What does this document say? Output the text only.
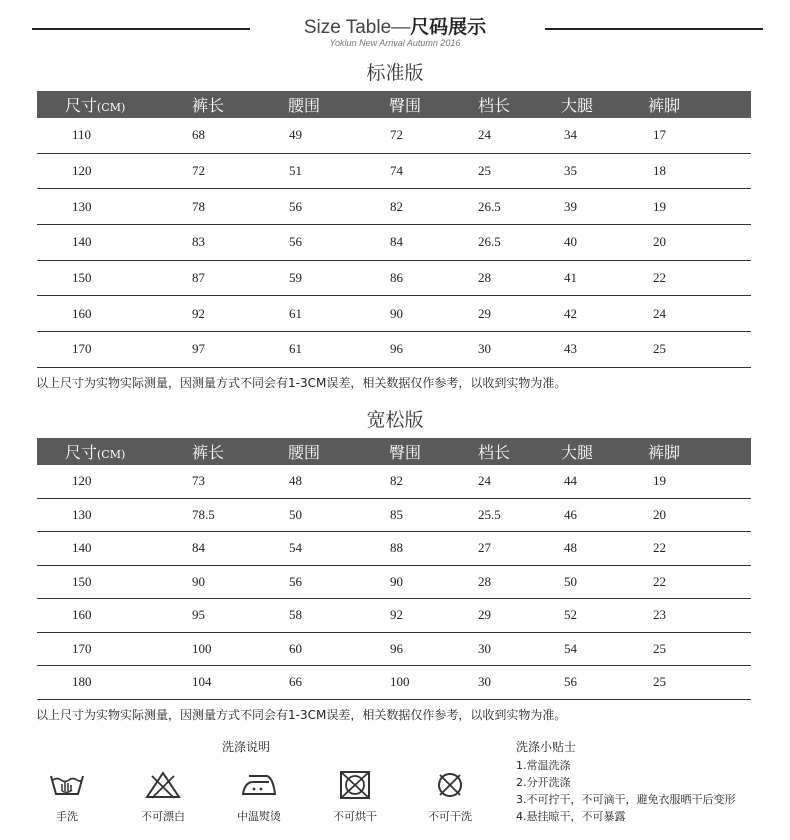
Size Table—尺码展示
Yoklun New Arrival Autumn 2016
标准版
尺寸(CM)	裤长	腰围	臀围	档长	大腿	裤脚
110	68	49	72	24	34	17
120	72	51	74	25	35	18
130	78	56	82	26.5	39	19
140	83	56	84	26.5	40	20
150	87	59	86	28	41	22
160	92	61	90	29	42	24
170	97	61	96	30	43	25
以上尺寸为实物实际测量，因测量方式不同会有1-3CM误差，相关数据仅作参考，以收到实物为准。
宽松版
尺寸(CM)	裤长	腰围	臀围	档长	大腿	裤脚
120	73	48	82	24	44	19
130	78.5	50	85	25.5	46	20
140	84	54	88	27	48	22
150	90	56	90	28	50	22
160	95	58	92	29	52	23
170	100	60	96	30	54	25
180	104	66	100	30	56	25
以上尺寸为实物实际测量，因测量方式不同会有1-3CM误差，相关数据仅作参考，以收到实物为准。
洗涤说明
手洗	不可漂白	中温熨烫	不可烘干	不可干洗
洗涤小贴士
1.常温洗涤
2.分开洗涤
3.不可拧干，不可滴干，避免衣服晒干后变形
4.悬挂晾干，不可暴露
